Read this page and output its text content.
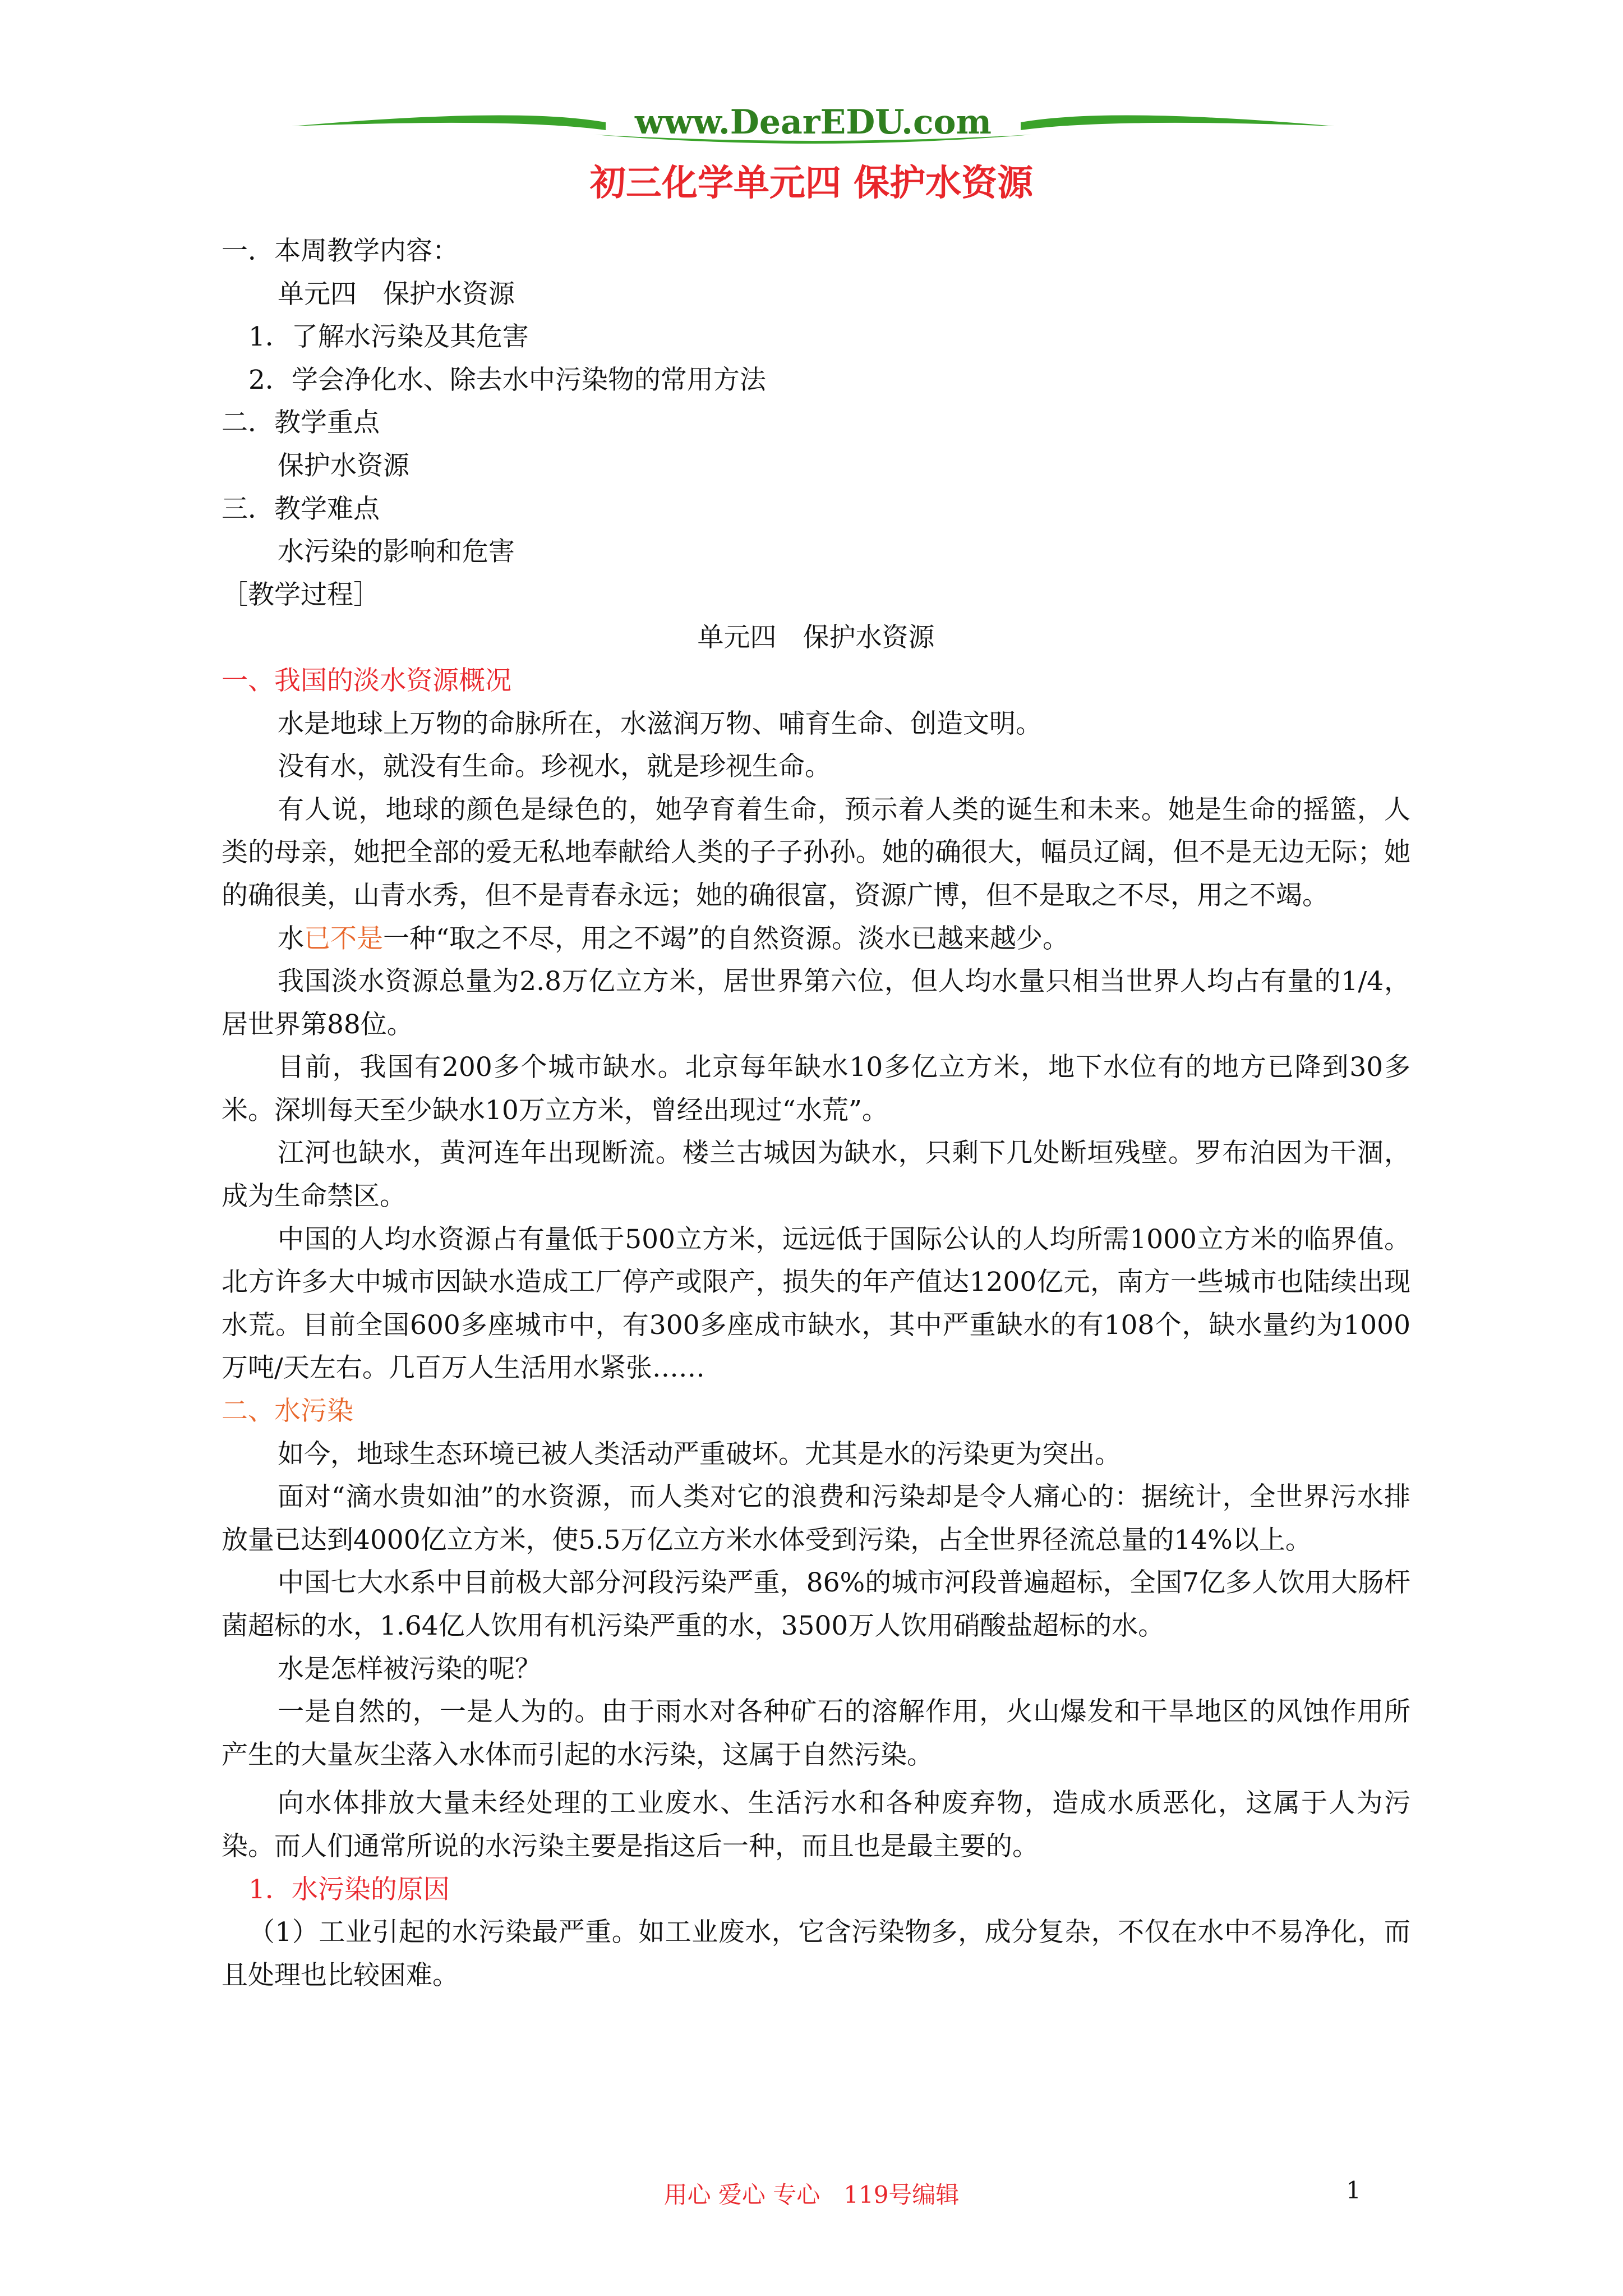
www.DearEDU.com
初三化学单元四 保护水资源
一．本周教学内容：
单元四　保护水资源
1．了解水污染及其危害
2．学会净化水、除去水中污染物的常用方法
二．教学重点
保护水资源
三．教学难点
水污染的影响和危害
［教学过程］
单元四　保护水资源
一、我国的淡水资源概况
水是地球上万物的命脉所在，水滋润万物、哺育生命、创造文明。
没有水，就没有生命。珍视水，就是珍视生命。
有人说，地球的颜色是绿色的，她孕育着生命，预示着人类的诞生和未来。她是生命的摇篮，人类的母亲，她把全部的爱无私地奉献给人类的子子孙孙。她的确很大，幅员辽阔，但不是无边无际；她的确很美，山青水秀，但不是青春永远；她的确很富，资源广博，但不是取之不尽，用之不竭。
水已不是一种“取之不尽，用之不竭”的自然资源。淡水已越来越少。
我国淡水资源总量为2.8万亿立方米，居世界第六位，但人均水量只相当世界人均占有量的1/4，居世界第88位。
目前，我国有200多个城市缺水。北京每年缺水10多亿立方米，地下水位有的地方已降到30多米。深圳每天至少缺水10万立方米，曾经出现过“水荒”。
江河也缺水，黄河连年出现断流。楼兰古城因为缺水，只剩下几处断垣残壁。罗布泊因为干涸，成为生命禁区。
中国的人均水资源占有量低于500立方米，远远低于国际公认的人均所需1000立方米的临界值。北方许多大中城市因缺水造成工厂停产或限产，损失的年产值达1200亿元，南方一些城市也陆续出现水荒。目前全国600多座城市中，有300多座成市缺水，其中严重缺水的有108个，缺水量约为1000万吨/天左右。几百万人生活用水紧张……
二、水污染
如今，地球生态环境已被人类活动严重破坏。尤其是水的污染更为突出。
面对“滴水贵如油”的水资源，而人类对它的浪费和污染却是令人痛心的：据统计，全世界污水排放量已达到4000亿立方米，使5.5万亿立方米水体受到污染，占全世界径流总量的14%以上。
中国七大水系中目前极大部分河段污染严重，86%的城市河段普遍超标，全国7亿多人饮用大肠杆菌超标的水，1.64亿人饮用有机污染严重的水，3500万人饮用硝酸盐超标的水。
水是怎样被污染的呢？
一是自然的，一是人为的。由于雨水对各种矿石的溶解作用，火山爆发和干旱地区的风蚀作用所产生的大量灰尘落入水体而引起的水污染，这属于自然污染。
向水体排放大量未经处理的工业废水、生活污水和各种废弃物，造成水质恶化，这属于人为污染。而人们通常所说的水污染主要是指这后一种，而且也是最主要的。
1．水污染的原因
（1）工业引起的水污染最严重。如工业废水，它含污染物多，成分复杂，不仅在水中不易净化，而且处理也比较困难。
用心 爱心 专心　119号编辑	1
